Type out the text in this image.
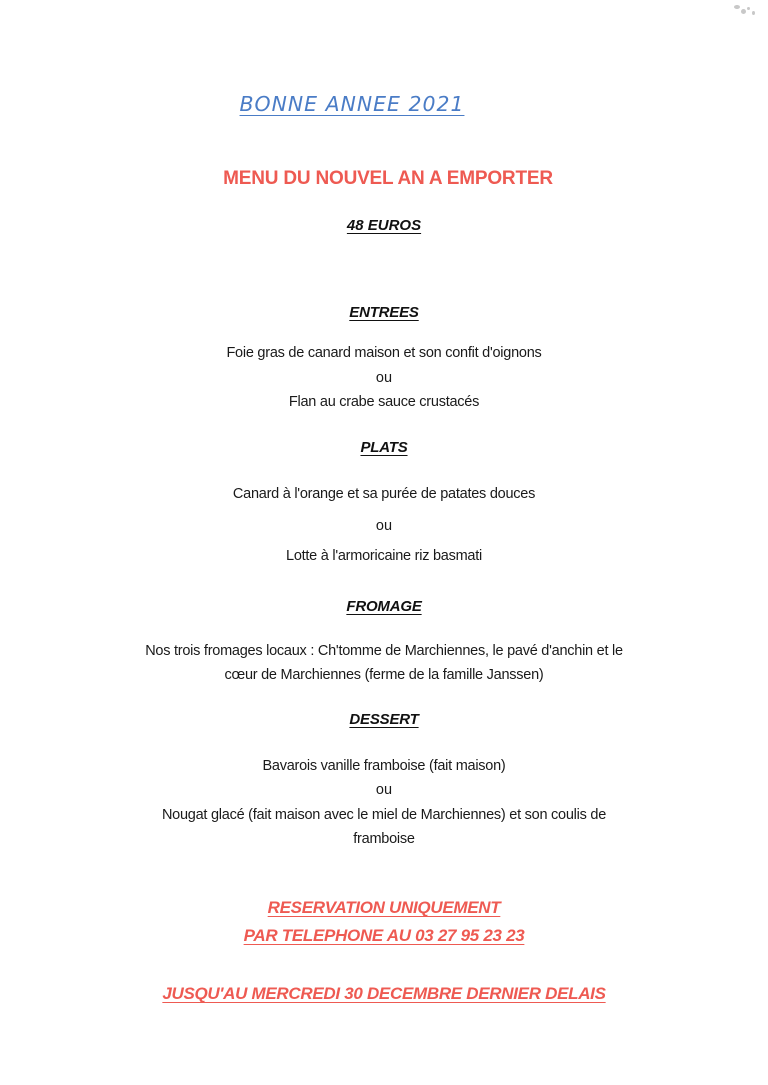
BONNE ANNEE 2021
MENU DU NOUVEL AN A EMPORTER
48 EUROS
ENTREES
Foie gras de canard maison et son confit d'oignons
ou
Flan au crabe sauce crustacés
PLATS
Canard à l'orange et sa purée de patates douces
ou
Lotte à l'armoricaine riz basmati
FROMAGE
Nos trois fromages locaux : Ch'tomme de Marchiennes, le pavé d'anchin et le
cœur de Marchiennes (ferme de la famille Janssen)
DESSERT
Bavarois vanille framboise (fait maison)
ou
Nougat glacé (fait maison avec le miel de Marchiennes) et son coulis de
framboise
RESERVATION UNIQUEMENT
PAR TELEPHONE AU 03 27 95 23 23
JUSQU'AU MERCREDI 30 DECEMBRE DERNIER DELAIS
